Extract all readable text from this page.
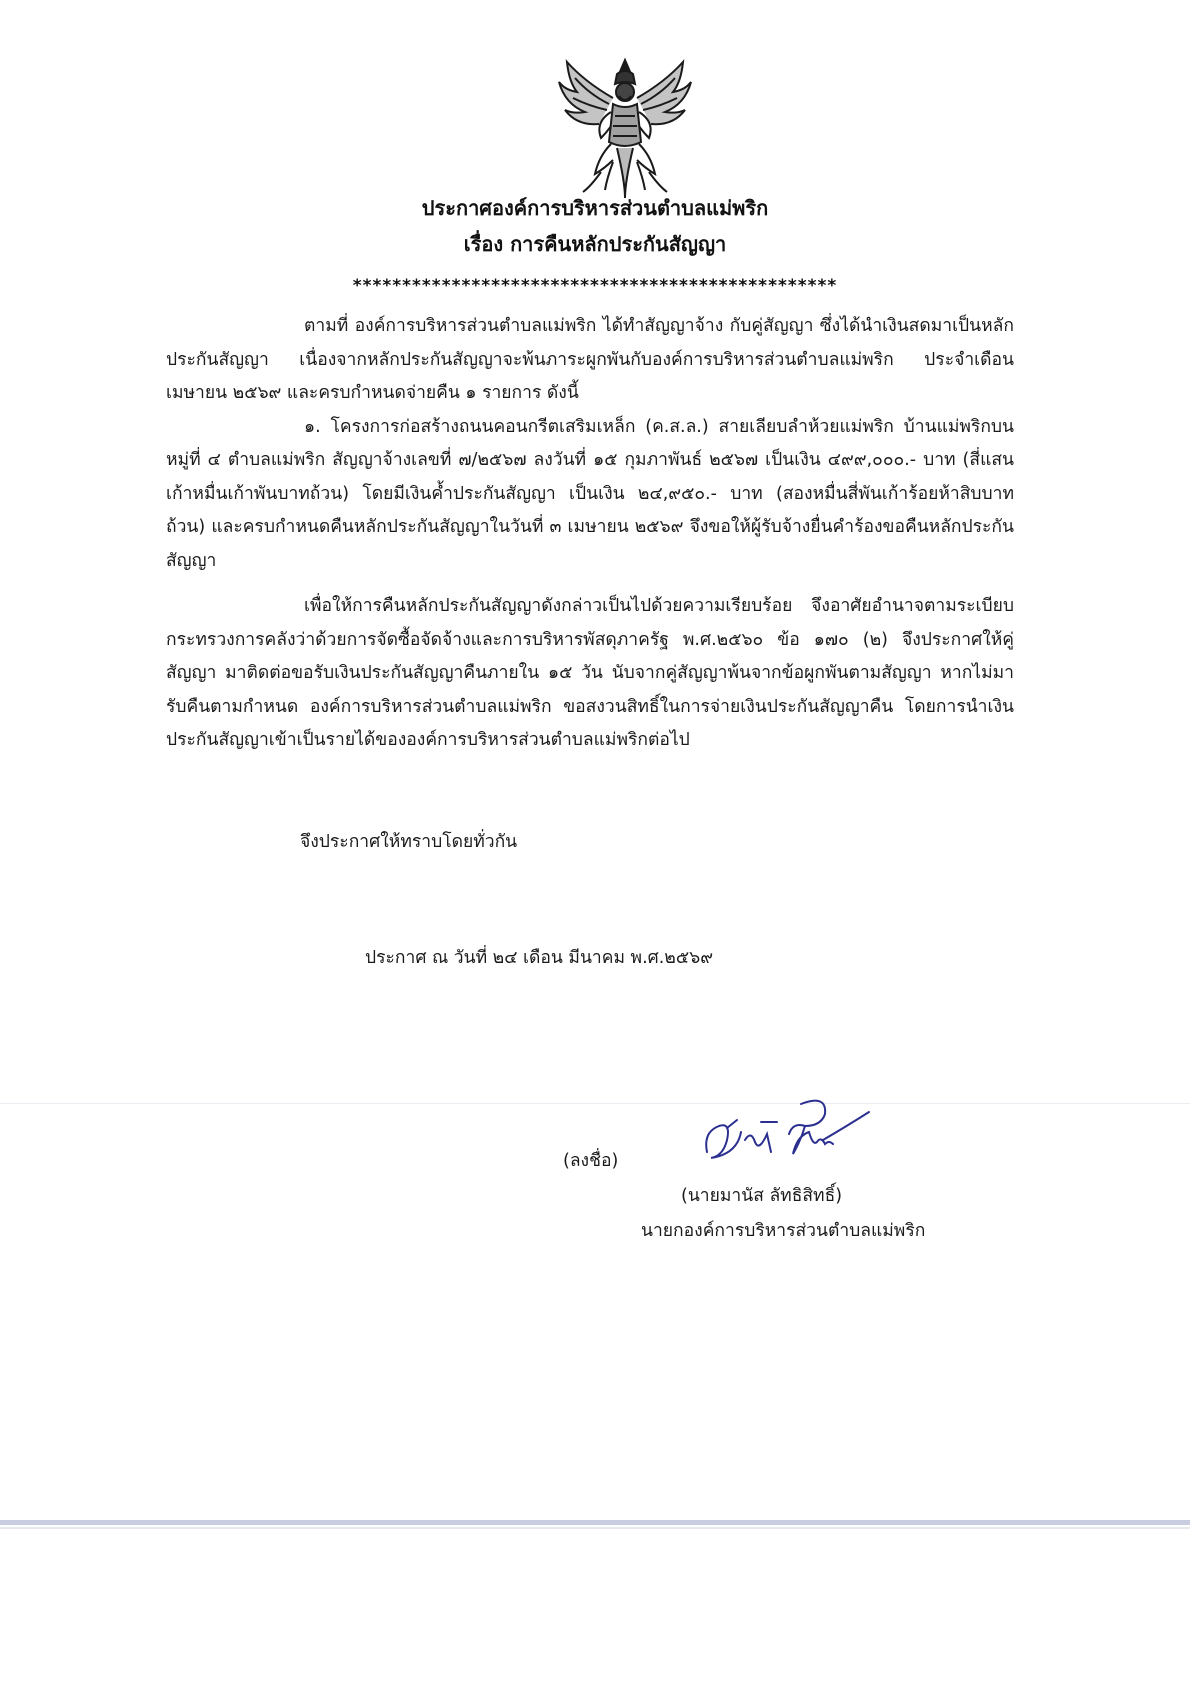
ประกาศองค์การบริหารส่วนตำบลแม่พริก
เรื่อง การคืนหลักประกันสัญญา
*************************************************

ตามที่ องค์การบริหารส่วนตำบลแม่พริก ได้ทำสัญญาจ้าง กับคู่สัญญา ซึ่งได้นำเงินสดมาเป็นหลักประกันสัญญา เนื่องจากหลักประกันสัญญาจะพ้นภาระผูกพันกับองค์การบริหารส่วนตำบลแม่พริก ประจำเดือน เมษายน ๒๕๖๙ และครบกำหนดจ่ายคืน ๑ รายการ ดังนี้

๑. โครงการก่อสร้างถนนคอนกรีตเสริมเหล็ก (ค.ส.ล.) สายเลียบลำห้วยแม่พริก บ้านแม่พริกบน หมู่ที่ ๔ ตำบลแม่พริก สัญญาจ้างเลขที่ ๗/๒๕๖๗ ลงวันที่ ๑๕ กุมภาพันธ์ ๒๕๖๗ เป็นเงิน ๔๙๙,๐๐๐.- บาท (สี่แสนเก้าหมื่นเก้าพันบาทถ้วน) โดยมีเงินค้ำประกันสัญญา เป็นเงิน ๒๔,๙๕๐.- บาท (สองหมื่นสี่พันเก้าร้อยห้าสิบบาทถ้วน) และครบกำหนดคืนหลักประกันสัญญาในวันที่ ๓ เมษายน ๒๕๖๙ จึงขอให้ผู้รับจ้างยื่นคำร้องขอคืนหลักประกันสัญญา

เพื่อให้การคืนหลักประกันสัญญาดังกล่าวเป็นไปด้วยความเรียบร้อย จึงอาศัยอำนาจตามระเบียบกระทรวงการคลังว่าด้วยการจัดซื้อจัดจ้างและการบริหารพัสดุภาครัฐ พ.ศ.๒๕๖๐ ข้อ ๑๗๐ (๒) จึงประกาศให้คู่สัญญา มาติดต่อขอรับเงินประกันสัญญาคืนภายใน ๑๕ วัน นับจากคู่สัญญาพ้นจากข้อผูกพันตามสัญญา หากไม่มารับคืนตามกำหนด องค์การบริหารส่วนตำบลแม่พริก ขอสงวนสิทธิ์ในการจ่ายเงินประกันสัญญาคืน โดยการนำเงินประกันสัญญาเข้าเป็นรายได้ขององค์การบริหารส่วนตำบลแม่พริกต่อไป

จึงประกาศให้ทราบโดยทั่วกัน
ประกาศ ณ วันที่ ๒๔ เดือน มีนาคม พ.ศ.๒๕๖๙
(ลงชื่อ)
(นายมานัส ลัทธิสิทธิ์)
นายกองค์การบริหารส่วนตำบลแม่พริก
